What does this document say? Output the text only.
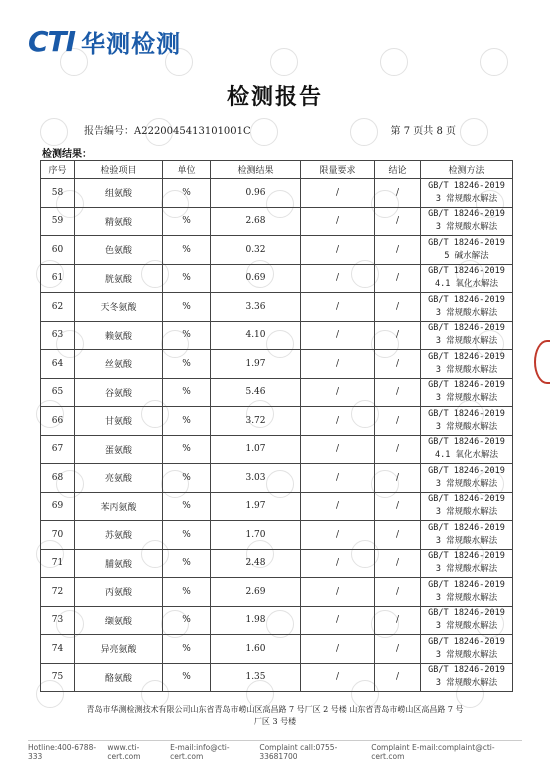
CTI 华测检测
检测报告
报告编号：A2220045413101001C	第 7 页共 8 页
检测结果：
序号	检验项目	单位	检测结果	限量要求	结论	检测方法
58	组氨酸	%	0.96	/	/	GB/T 18246-2019
3 常规酸水解法

59	精氨酸	%	2.68	/	/	GB/T 18246-2019
3 常规酸水解法

60	色氨酸	%	0.32	/	/	GB/T 18246-2019
5 碱水解法

61	胱氨酸	%	0.69	/	/	GB/T 18246-2019
4.1 氧化水解法

62	天冬氨酸	%	3.36	/	/	GB/T 18246-2019
3 常规酸水解法

63	赖氨酸	%	4.10	/	/	GB/T 18246-2019
3 常规酸水解法

64	丝氨酸	%	1.97	/	/	GB/T 18246-2019
3 常规酸水解法

65	谷氨酸	%	5.46	/	/	GB/T 18246-2019
3 常规酸水解法

66	甘氨酸	%	3.72	/	/	GB/T 18246-2019
3 常规酸水解法

67	蛋氨酸	%	1.07	/	/	GB/T 18246-2019
4.1 氧化水解法

68	亮氨酸	%	3.03	/	/	GB/T 18246-2019
3 常规酸水解法

69	苯丙氨酸	%	1.97	/	/	GB/T 18246-2019
3 常规酸水解法

70	苏氨酸	%	1.70	/	/	GB/T 18246-2019
3 常规酸水解法

71	脯氨酸	%	2.48	/	/	GB/T 18246-2019
3 常规酸水解法

72	丙氨酸	%	2.69	/	/	GB/T 18246-2019
3 常规酸水解法

73	缬氨酸	%	1.98	/	/	GB/T 18246-2019
3 常规酸水解法

74	异亮氨酸	%	1.60	/	/	GB/T 18246-2019
3 常规酸水解法

75	酪氨酸	%	1.35	/	/	GB/T 18246-2019
3 常规酸水解法
青岛市华测检测技术有限公司山东省青岛市崂山区高昌路 7 号厂区 2 号楼 山东省青岛市崂山区高昌路 7 号
厂区 3 号楼
Hotline:400-6788-333
www.cti-cert.com
E-mail:info@cti-cert.com
Complaint call:0755-33681700
Complaint E-mail:complaint@cti-cert.com
